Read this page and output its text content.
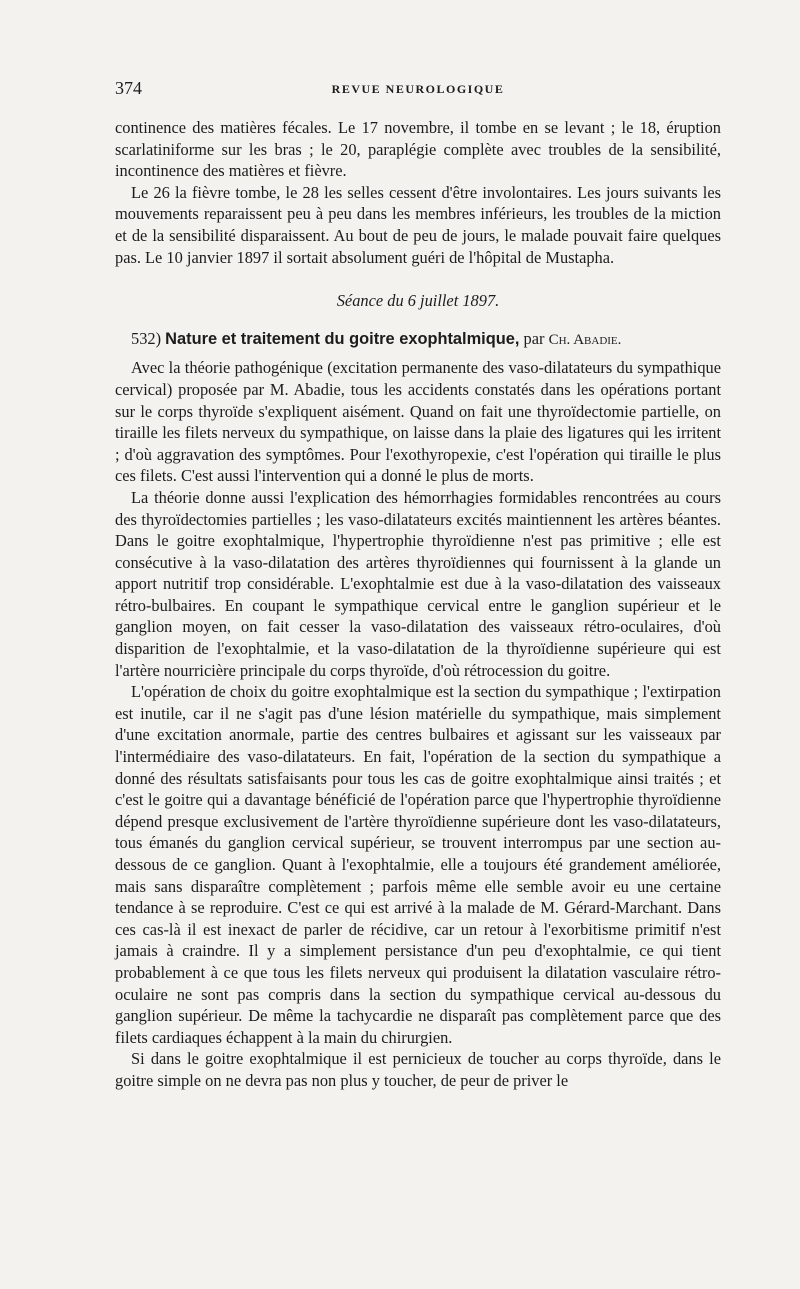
374	REVUE NEUROLOGIQUE

continence des matières fécales. Le 17 novembre, il tombe en se levant ; le 18, éruption scarlatiniforme sur les bras ; le 20, paraplégie complète avec troubles de la sensibilité, incontinence des matières et fièvre.

Le 26 la fièvre tombe, le 28 les selles cessent d'être involontaires. Les jours suivants les mouvements reparaissent peu à peu dans les membres inférieurs, les troubles de la miction et de la sensibilité disparaissent. Au bout de peu de jours, le malade pouvait faire quelques pas. Le 10 janvier 1897 il sortait absolument guéri de l'hôpital de Mustapha.

Séance du 6 juillet 1897.

532) Nature et traitement du goitre exophtalmique, par Ch. Abadie.

Avec la théorie pathogénique (excitation permanente des vaso-dilatateurs du sympathique cervical) proposée par M. Abadie, tous les accidents constatés dans les opérations portant sur le corps thyroïde s'expliquent aisément. Quand on fait une thyroïdectomie partielle, on tiraille les filets nerveux du sympathique, on laisse dans la plaie des ligatures qui les irritent ; d'où aggravation des symptômes. Pour l'exothyropexie, c'est l'opération qui tiraille le plus ces filets. C'est aussi l'intervention qui a donné le plus de morts.

La théorie donne aussi l'explication des hémorrhagies formidables rencontrées au cours des thyroïdectomies partielles ; les vaso-dilatateurs excités maintiennent les artères béantes. Dans le goitre exophtalmique, l'hypertrophie thyroïdienne n'est pas primitive ; elle est consécutive à la vaso-dilatation des artères thyroïdiennes qui fournissent à la glande un apport nutritif trop considérable. L'exophtalmie est due à la vaso-dilatation des vaisseaux rétro-bulbaires. En coupant le sympathique cervical entre le ganglion supérieur et le ganglion moyen, on fait cesser la vaso-dilatation des vaisseaux rétro-oculaires, d'où disparition de l'exophtalmie, et la vaso-dilatation de la thyroïdienne supérieure qui est l'artère nourricière principale du corps thyroïde, d'où rétrocession du goitre.

L'opération de choix du goitre exophtalmique est la section du sympathique ; l'extirpation est inutile, car il ne s'agit pas d'une lésion matérielle du sympathique, mais simplement d'une excitation anormale, partie des centres bulbaires et agissant sur les vaisseaux par l'intermédiaire des vaso-dilatateurs. En fait, l'opération de la section du sympathique a donné des résultats satisfaisants pour tous les cas de goitre exophtalmique ainsi traités ; et c'est le goitre qui a davantage bénéficié de l'opération parce que l'hypertrophie thyroïdienne dépend presque exclusivement de l'artère thyroïdienne supérieure dont les vaso-dilatateurs, tous émanés du ganglion cervical supérieur, se trouvent interrompus par une section au-dessous de ce ganglion. Quant à l'exophtalmie, elle a toujours été grandement améliorée, mais sans disparaître complètement ; parfois même elle semble avoir eu une certaine tendance à se reproduire. C'est ce qui est arrivé à la malade de M. Gérard-Marchant. Dans ces cas-là il est inexact de parler de récidive, car un retour à l'exorbitisme primitif n'est jamais à craindre. Il y a simplement persistance d'un peu d'exophtalmie, ce qui tient probablement à ce que tous les filets nerveux qui produisent la dilatation vasculaire rétro-oculaire ne sont pas compris dans la section du sympathique cervical au-dessous du ganglion supérieur. De même la tachycardie ne disparaît pas complètement parce que des filets cardiaques échappent à la main du chirurgien.

Si dans le goitre exophtalmique il est pernicieux de toucher au corps thyroïde, dans le goitre simple on ne devra pas non plus y toucher, de peur de priver le
